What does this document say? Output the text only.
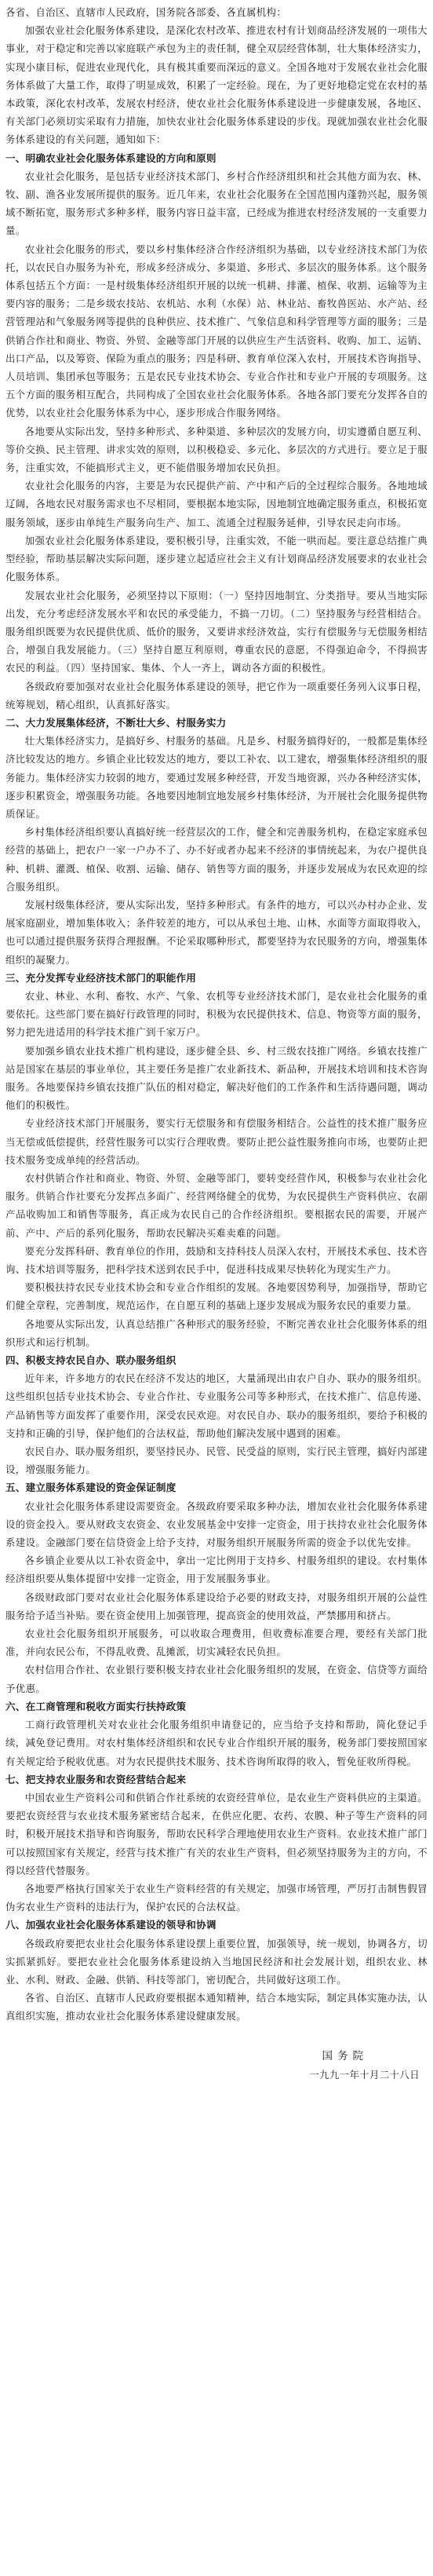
各省、自治区、直辖市人民政府，国务院各部委、各直属机构：

加强农业社会化服务体系建设，是深化农村改革、推进农村有计划商品经济发展的一项伟大事业，对于稳定和完善以家庭联产承包为主的责任制，健全双层经营体制，壮大集体经济实力，实现小康目标，促进农业现代化，具有极其重要而深远的意义。全国各地对于发展农业社会化服务体系做了大量工作，取得了明显成效，积累了一定经验。现在，为了更好地稳定党在农村的基本政策，深化农村改革，发展农村经济，使农业社会化服务体系建设进一步健康发展，各地区、有关部门必须切实采取有力措施，加快农业社会化服务体系建设的步伐。现就加强农业社会化服务体系建设的有关问题，通知如下：

一、明确农业社会化服务体系建设的方向和原则

农业社会化服务，是包括专业经济技术部门、乡村合作经济组织和社会其他方面为农、林、牧、副、渔各业发展所提供的服务。近几年来，农业社会化服务在全国范围内蓬勃兴起，服务领域不断拓宽，服务形式多种多样，服务内容日益丰富，已经成为推进农村经济发展的一支重要力量。

农业社会化服务的形式，要以乡村集体经济合作经济组织为基础，以专业经济技术部门为依托，以农民自办服务为补充，形成多经济成分、多渠道、多形式、多层次的服务体系。这个服务体系包括五个方面：一是村级集体经济组织开展的以统一机耕、排灌、植保、收割、运输等为主要内容的服务；二是乡级农技站、农机站、水利（水保）站、林业站、畜牧兽医站、水产站、经营管理站和气象服务网等提供的良种供应、技术推广、气象信息和科学管理等方面的服务；三是供销合作社和商业、物资、外贸、金融等部门开展的以供应生产生活资料、收购、加工、运销、出口产品，以及筹资、保险为重点的服务；四是科研、教育单位深入农村，开展技术咨询指导、人员培训、集团承包等服务；五是农民专业技术协会、专业合作社和专业户开展的专项服务。这五个方面的服务相互配合，共同构成了全国农业社会化服务体系。各地各部门要充分发挥各自的优势，以农业社会化服务体系为中心，逐步形成合作服务网络。

各地要从实际出发，坚持多种形式、多种渠道、多种层次的发展方向，切实遵循自愿互利、等价交换、民主管理、讲求实效的原则，以积极稳妥、多元化、多层次的方式进行。要立足于服务，注重实效，不能搞形式主义，更不能借服务增加农民负担。

农业社会化服务的内容，主要是为农民提供产前、产中和产后的全过程综合服务。各地地域辽阔，各地农民对服务需求也不尽相同，要根据本地实际，因地制宜地确定服务重点，积极拓宽服务领域，逐步由单纯生产服务向生产、加工、流通全过程服务延伸，引导农民走向市场。

加强农业社会化服务体系建设，要积极引导，注重实效，不能一哄而起。要注意总结推广典型经验，帮助基层解决实际问题，逐步建立起适应社会主义有计划商品经济发展要求的农业社会化服务体系。

发展农业社会化服务，必须坚持以下原则：（一）坚持因地制宜、分类指导。要从当地实际出发，充分考虑经济发展水平和农民的承受能力，不搞一刀切。（二）坚持服务与经营相结合。服务组织既要为农民提供优质、低价的服务，又要讲求经济效益，实行有偿服务与无偿服务相结合，增强自我发展能力。（三）坚持自愿互利原则，尊重农民的意愿，不得强迫命令，不得损害农民的利益。（四）坚持国家、集体、个人一齐上，调动各方面的积极性。

各级政府要加强对农业社会化服务体系建设的领导，把它作为一项重要任务列入议事日程，统筹规划，精心组织，认真抓好落实。

二、大力发展集体经济，不断壮大乡、村服务实力

壮大集体经济实力，是搞好乡、村服务的基础。凡是乡、村服务搞得好的，一般都是集体经济比较发达的地方。乡镇企业比较发达的地方，要以工补农、以工建农，增强集体经济组织的服务能力。集体经济实力较弱的地方，要通过发展多种经营，开发当地资源，兴办各种经济实体，逐步积累资金，增强服务功能。各地要因地制宜地发展乡村集体经济，为开展社会化服务提供物质保证。

乡村集体经济组织要认真搞好统一经营层次的工作，健全和完善服务机构，在稳定家庭承包经营的基础上，把农户一家一户办不了、办不好或者办起来不经济的事情统起来，为农户提供良种、机耕、灌溉、植保、收割、运输、储存、销售等方面的服务，并逐步发展成为农民欢迎的综合服务组织。

发展村级集体经济，要从实际出发，坚持多种形式。有条件的地方，可以兴办村办企业、发展家庭副业，增加集体收入；条件较差的地方，可以从承包土地、山林、水面等方面取得收入，也可以通过提供服务获得合理报酬。不论采取哪种形式，都要坚持为农民服务的方向，增强集体组织的凝聚力。

三、充分发挥专业经济技术部门的职能作用

农业、林业、水利、畜牧、水产、气象、农机等专业经济技术部门，是农业社会化服务的重要依托。这些部门要在搞好行政管理的同时，积极为农民提供技术、信息、物资等方面的服务，努力把先进适用的科学技术推广到千家万户。

要加强乡镇农业技术推广机构建设，逐步健全县、乡、村三级农技推广网络。乡镇农技推广站是国家在基层的事业单位，其主要任务是推广农业新技术、新品种，开展技术培训和技术咨询服务。各地要保持乡镇农技推广队伍的相对稳定，解决好他们的工作条件和生活待遇问题，调动他们的积极性。

专业经济技术部门开展服务，要实行无偿服务和有偿服务相结合。公益性的技术推广服务应当无偿或低偿提供，经营性服务可以实行合理收费。要防止把公益性服务推向市场，也要防止把技术服务变成单纯的经营活动。

农村供销合作社和商业、物资、外贸、金融等部门，要转变经营作风，积极参与农业社会化服务。供销合作社要充分发挥点多面广、经营网络健全的优势，为农民提供生产资料供应、农副产品收购加工和销售等服务，真正成为农民自己的合作经济组织。要根据农民的需要，开展产前、产中、产后的系列化服务，帮助农民解决买难卖难的问题。

要充分发挥科研、教育单位的作用，鼓励和支持科技人员深入农村，开展技术承包、技术咨询、技术培训等服务，把科学技术送到农民手中，促进科技成果尽快转化为现实生产力。

要积极扶持农民专业技术协会和专业合作组织的发展。各地要因势利导，加强指导，帮助它们健全章程，完善制度，规范运作，在自愿互利的基础上逐步发展成为服务农民的重要力量。

各地要从实际出发，认真总结推广各种形式的服务经验，不断完善农业社会化服务体系的组织形式和运行机制。

四、积极支持农民自办、联办服务组织

近年来，许多地方的农民在经济不发达的地区，大量涌现出由农户自办、联办的服务组织。这些组织包括专业技术协会、专业合作社、专业服务公司等多种形式，在技术推广、信息传递、产品销售等方面发挥了重要作用，深受农民欢迎。对农民自办、联办的服务组织，要给予积极的支持和正确的引导，保护他们的合法权益，帮助他们解决发展中遇到的困难。

农民自办、联办服务组织，要坚持民办、民管、民受益的原则，实行民主管理，搞好内部建设，增强服务能力。

五、建立服务体系建设的资金保证制度

农业社会化服务体系建设需要资金。各级政府要采取多种办法，增加农业社会化服务体系建设的资金投入。要从财政支农资金、农业发展基金中安排一定资金，用于扶持农业社会化服务体系建设。金融部门要在信贷资金上给予支持，对服务组织开展服务所需的资金予以优先安排。

各乡镇企业要从以工补农资金中，拿出一定比例用于支持乡、村服务组织的建设。农村集体经济组织要从集体提留中安排一定资金，用于发展服务事业。

各级财政部门要对农业社会化服务体系建设给予必要的财政支持，对服务组织开展的公益性服务给予适当补贴。要在资金使用上加强管理，提高资金的使用效益，严禁挪用和挤占。

农业社会化服务组织开展服务，可以收取合理费用，但收费标准要合理，要经有关部门批准，并向农民公布，不得乱收费、乱摊派，切实减轻农民负担。

农村信用合作社、农业银行要积极支持农业社会化服务组织的发展，在资金、信贷等方面给予优惠。

六、在工商管理和税收方面实行扶持政策

工商行政管理机关对农业社会化服务组织申请登记的，应当给予支持和帮助，简化登记手续，减免登记费用。对农村集体经济组织和农民专业合作组织开展的服务，税务部门要按照国家有关规定给予税收优惠。对为农民提供技术服务、技术咨询所取得的收入，暂免征收所得税。

七、把支持农业服务和农资经营结合起来

中国农业生产资料公司和供销合作社系统的农资经营单位，是农业生产资料供应的主渠道。要把农资经营与农业技术服务紧密结合起来，在供应化肥、农药、农膜、种子等生产资料的同时，积极开展技术指导和咨询服务，帮助农民科学合理地使用农业生产资料。农业技术推广部门可以按照国家有关规定，经营与技术推广有关的农业生产资料，但必须坚持服务为主的方向，不得以经营代替服务。

各地要严格执行国家关于农业生产资料经营的有关规定，加强市场管理，严厉打击制售假冒伪劣农业生产资料的违法行为，保护农民的合法权益。

八、加强农业社会化服务体系建设的领导和协调

各级政府要把农业社会化服务体系建设摆上重要位置，加强领导，统一规划，协调各方，切实抓紧抓好。要把农业社会化服务体系建设纳入当地国民经济和社会发展计划，组织农业、林业、水利、财政、金融、供销、科技等部门，密切配合，共同做好这项工作。

各省、自治区、直辖市人民政府要根据本通知精神，结合本地实际，制定具体实施办法，认真组织实施，推动农业社会化服务体系建设健康发展。

国务院

一九九一年十月二十八日
